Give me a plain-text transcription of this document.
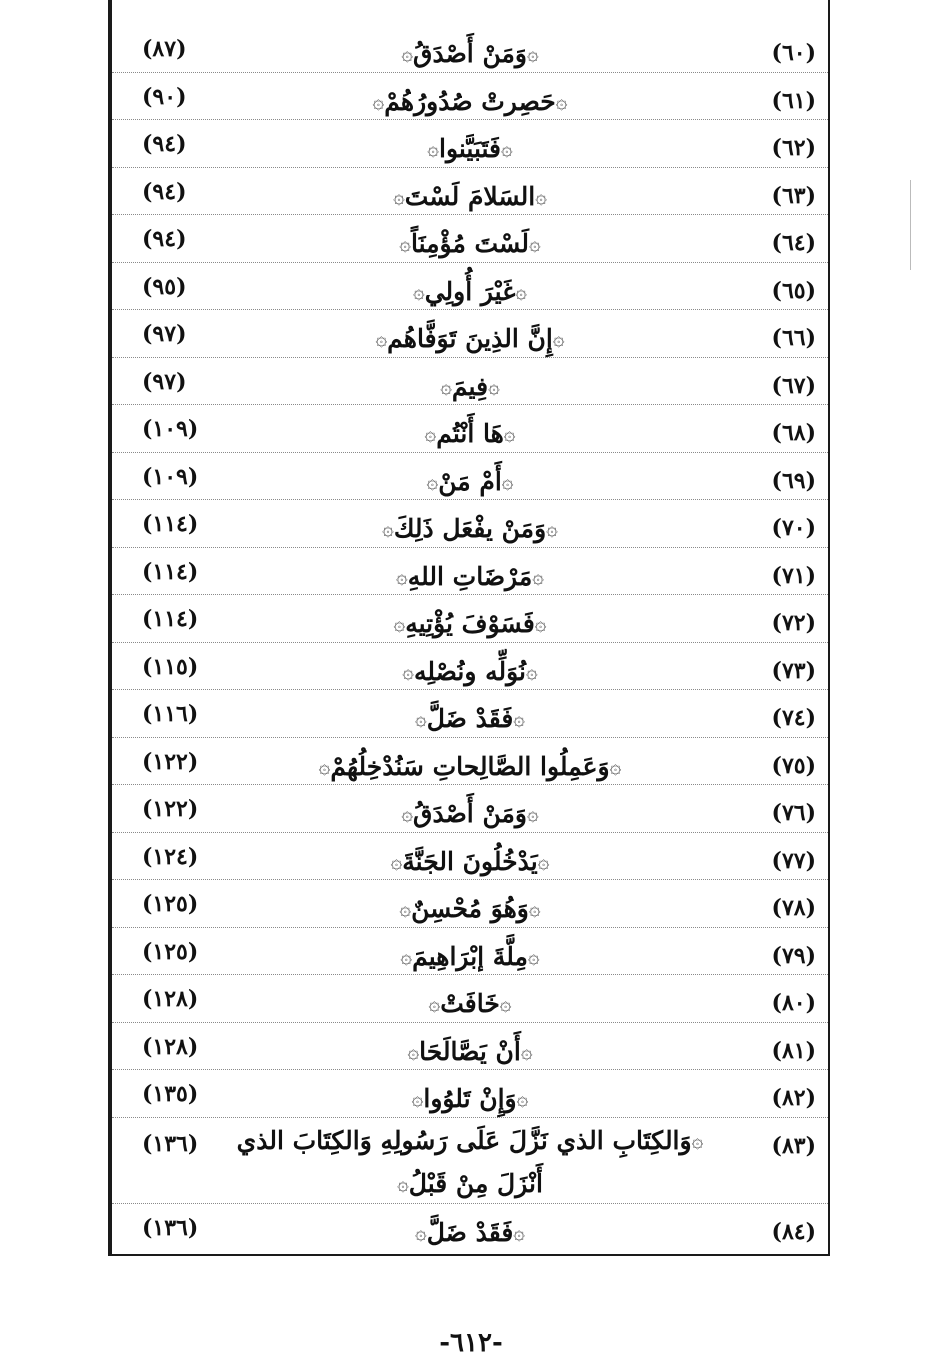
(٦٠)
۞وَمَنْ أَصْدَقُ۞
(٨٧)
(٦١)
۞حَصِرتْ صُدُورُهُمْ۞
(٩٠)
(٦٢)
۞فَتَبَيَّنوا۞
(٩٤)
(٦٣)
۞السَلامَ لَسْتَ۞
(٩٤)
(٦٤)
۞لَسْتَ مُؤْمِنَاً۞
(٩٤)
(٦٥)
۞غَيْرَ أُولِي۞
(٩٥)
(٦٦)
۞إِنَّ الذِينَ تَوَفَّاهُم۞
(٩٧)
(٦٧)
۞فِيمَ۞
(٩٧)
(٦٨)
۞هَا أَنْتُم۞
(١٠٩)
(٦٩)
۞أَمْ مَنْ۞
(١٠٩)
(٧٠)
۞وَمَنْ يفْعَل ذَلِكَ۞
(١١٤)
(٧١)
۞مَرْضَاتِ اللهِ۞
(١١٤)
(٧٢)
۞فَسَوْفَ يُؤْتِيهِ۞
(١١٤)
(٧٣)
۞نُوَلِّه ونُصْلِه۞
(١١٥)
(٧٤)
۞فَقَدْ ضَلَّ۞
(١١٦)
(٧٥)
۞وَعَمِلُوا الصَّالِحاتِ سَنُدْخِلُهُمْ۞
(١٢٢)
(٧٦)
۞وَمَنْ أَصْدَقُ۞
(١٢٢)
(٧٧)
۞يَدْخُلُونَ الجَنَّةَ۞
(١٢٤)
(٧٨)
۞وَهُوَ مُحْسِنٌ۞
(١٢٥)
(٧٩)
۞مِلَّةَ إبْرَاهِيمَ۞
(١٢٥)
(٨٠)
۞خَافَتْ۞
(١٢٨)
(٨١)
۞أَنْ يَصَّالَحَا۞
(١٢٨)
(٨٢)
۞وَإِنْ تَلوُوا۞
(١٣٥)
(٨٣)
۞وَالكِتَابِ الذي نَزَّلَ عَلَى رَسُولِهِ وَالكِتَابَ الذي أَنْزَلَ مِنْ قَبْلُ۞
(١٣٦)
(٨٤)
۞فَقَدْ ضَلَّ۞
(١٣٦)
-٦١٢-
